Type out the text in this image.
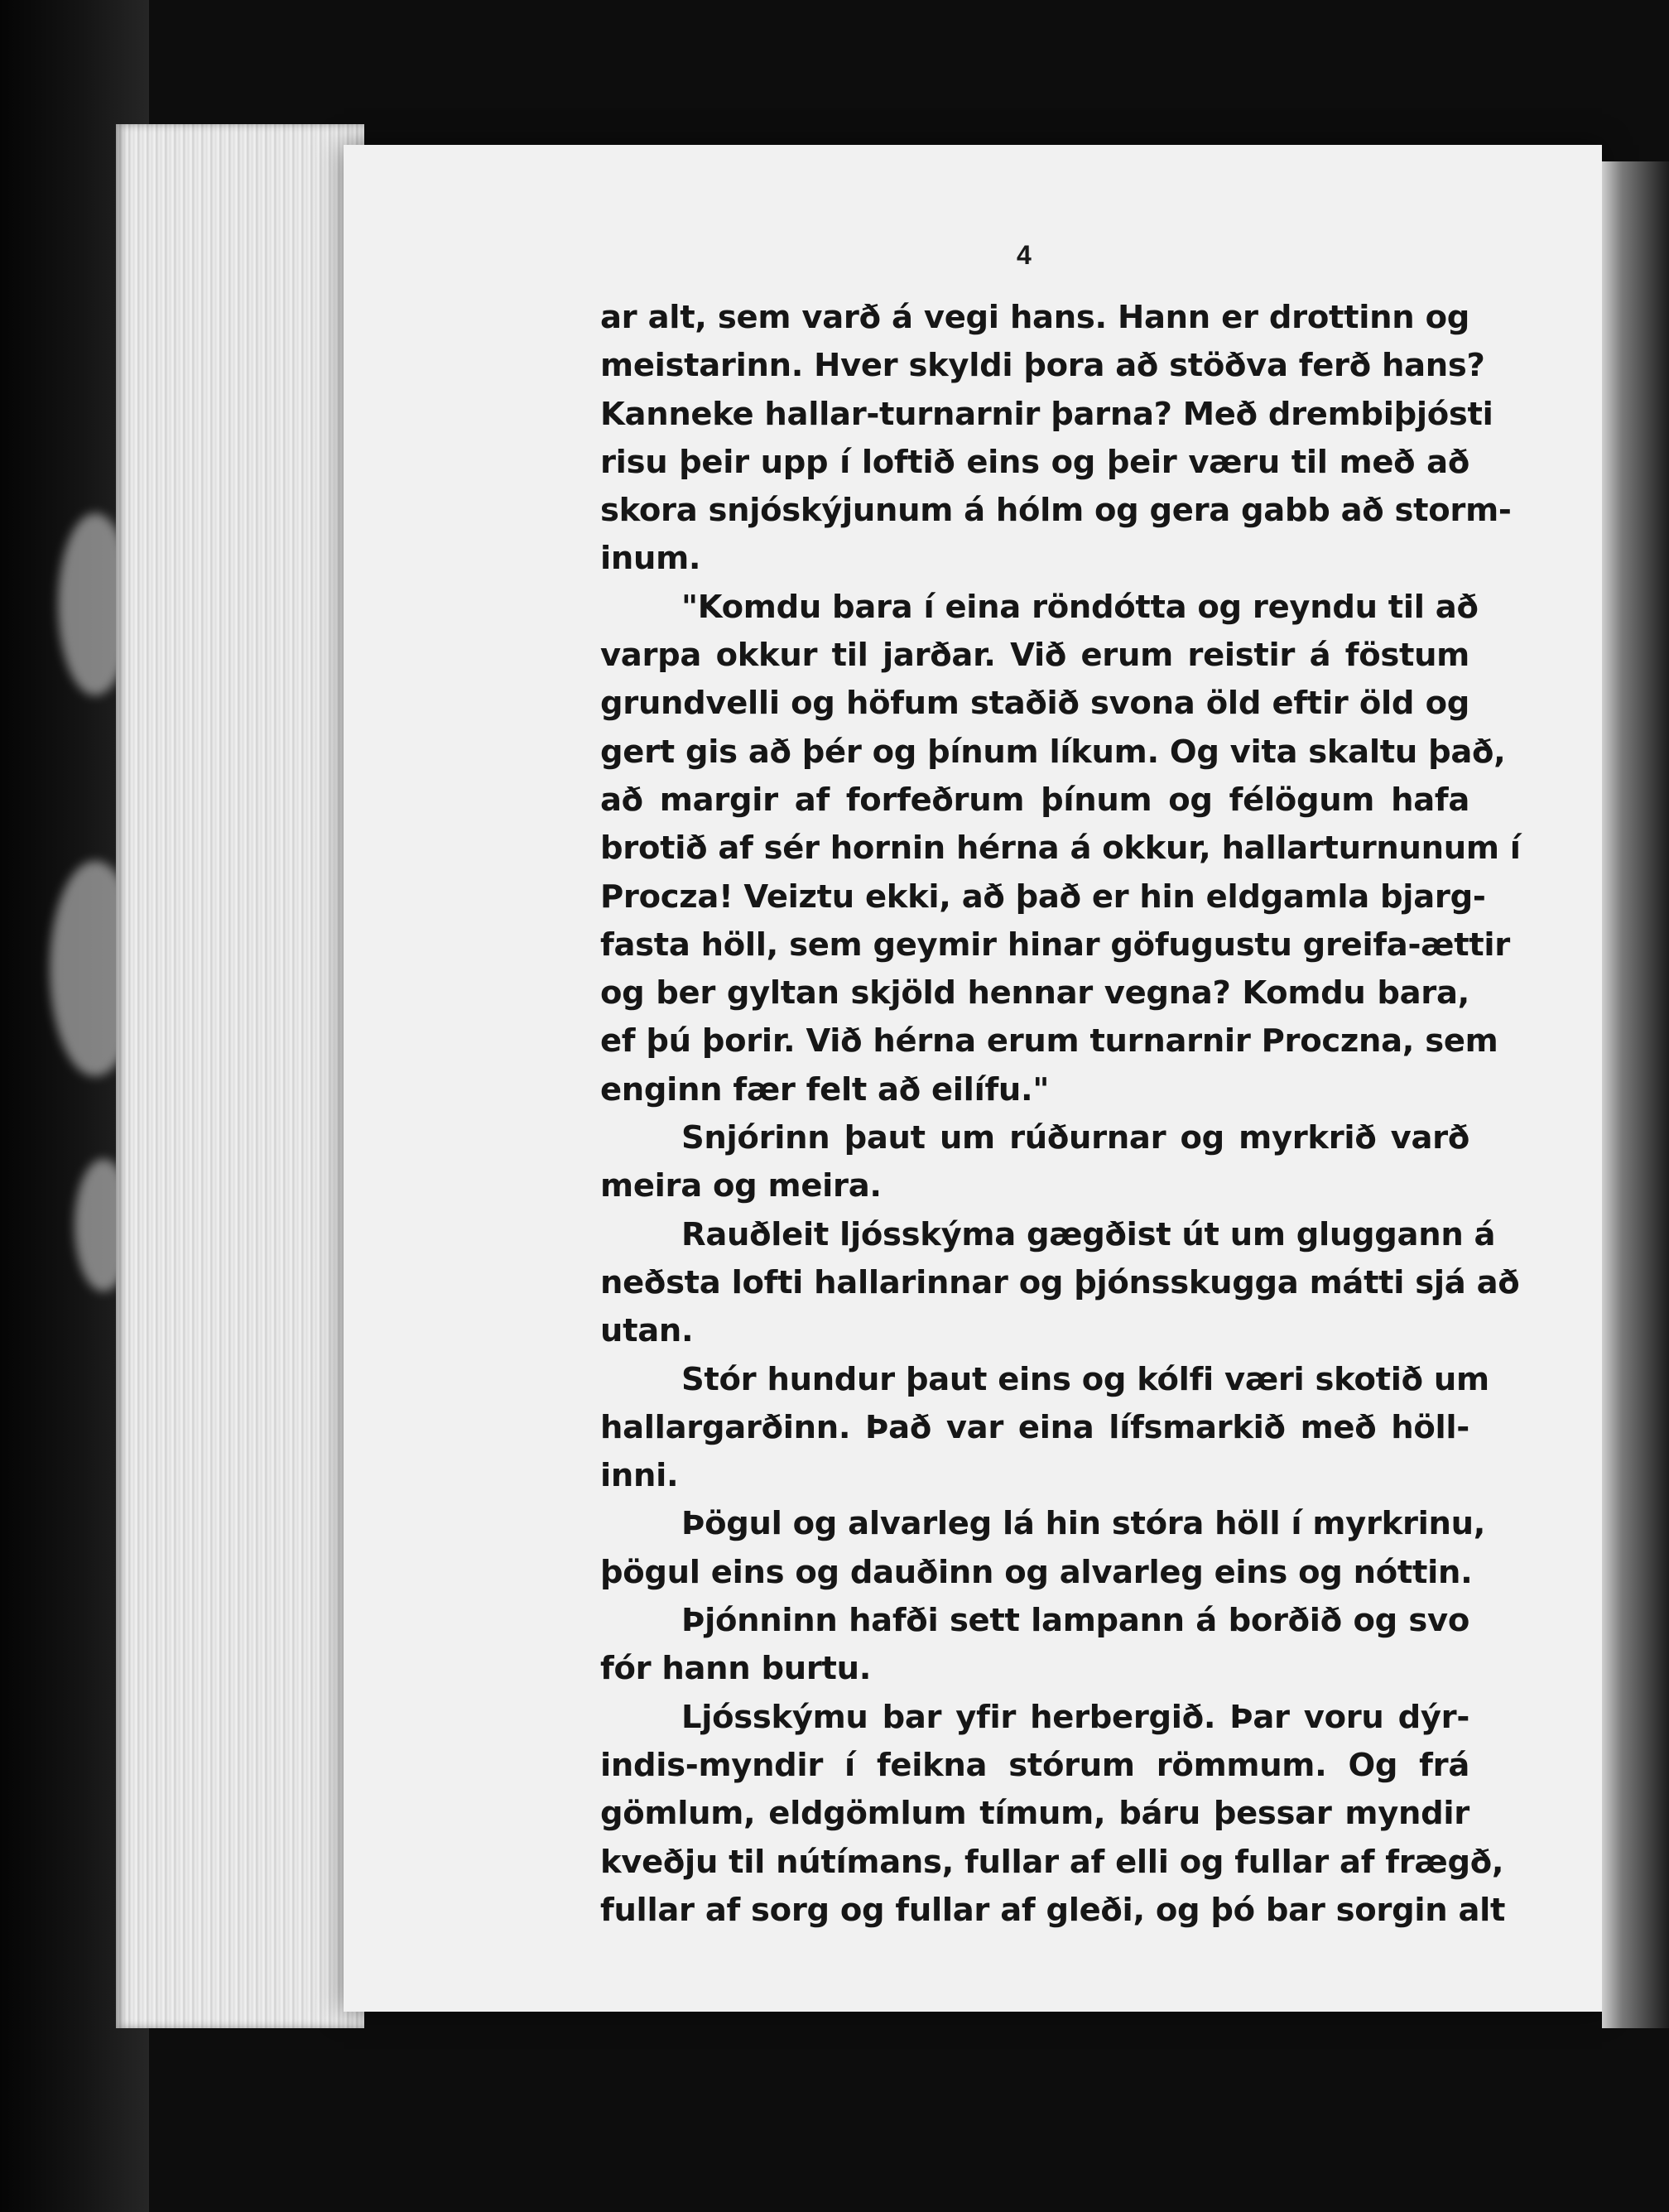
4
ar alt, sem varð á vegi hans. Hann er drottinn og
meistarinn. Hver skyldi þora að stöðva ferð hans?
Kanneke hallar-turnarnir þarna? Með drembiþjósti
risu þeir upp í loftið eins og þeir væru til með að
skora snjóskýjunum á hólm og gera gabb að storm-
inum.
"Komdu bara í eina röndótta og reyndu til að
varpa okkur til jarðar. Við erum reistir á föstum
grundvelli og höfum staðið svona öld eftir öld og
gert gis að þér og þínum líkum. Og vita skaltu það,
að margir af forfeðrum þínum og félögum hafa
brotið af sér hornin hérna á okkur, hallarturnunum í
Procza! Veiztu ekki, að það er hin eldgamla bjarg-
fasta höll, sem geymir hinar göfugustu greifa-ættir
og ber gyltan skjöld hennar vegna? Komdu bara,
ef þú þorir. Við hérna erum turnarnir Proczna, sem
enginn fær felt að eilífu."
Snjórinn þaut um rúðurnar og myrkrið varð
meira og meira.
Rauðleit ljósskýma gægðist út um gluggann á
neðsta lofti hallarinnar og þjónsskugga mátti sjá að
utan.
Stór hundur þaut eins og kólfi væri skotið um
hallargarðinn. Það var eina lífsmarkið með höll-
inni.
Þögul og alvarleg lá hin stóra höll í myrkrinu,
þögul eins og dauðinn og alvarleg eins og nóttin.
Þjónninn hafði sett lampann á borðið og svo
fór hann burtu.
Ljósskýmu bar yfir herbergið. Þar voru dýr-
indis-myndir í feikna stórum römmum. Og frá
gömlum, eldgömlum tímum, báru þessar myndir
kveðju til nútímans, fullar af elli og fullar af frægð,
fullar af sorg og fullar af gleði, og þó bar sorgin alt
